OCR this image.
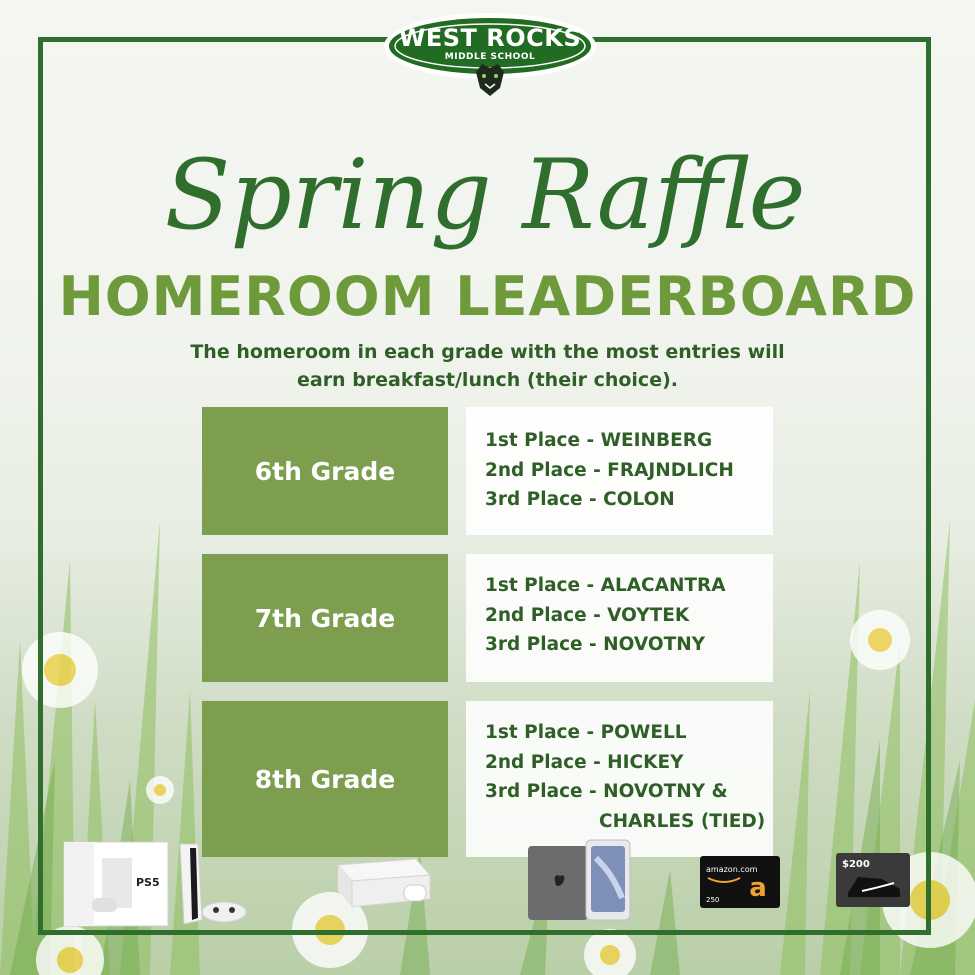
WEST ROCKS
MIDDLE SCHOOL
Spring Raffle
HOMEROOM LEADERBOARD
The homeroom in each grade with the most entries will
earn breakfast/lunch (their choice).
6th Grade
1st Place - WEINBERG
2nd Place - FRAJNDLICH
3rd Place - COLON
7th Grade
1st Place - ALACANTRA
2nd Place - VOYTEK
3rd Place - NOVOTNY
8th Grade
1st Place - POWELL
2nd Place - HICKEY
3rd Place - NOVOTNY &
CHARLES (TIED)
PS5
amazon.com
a
250
$200
